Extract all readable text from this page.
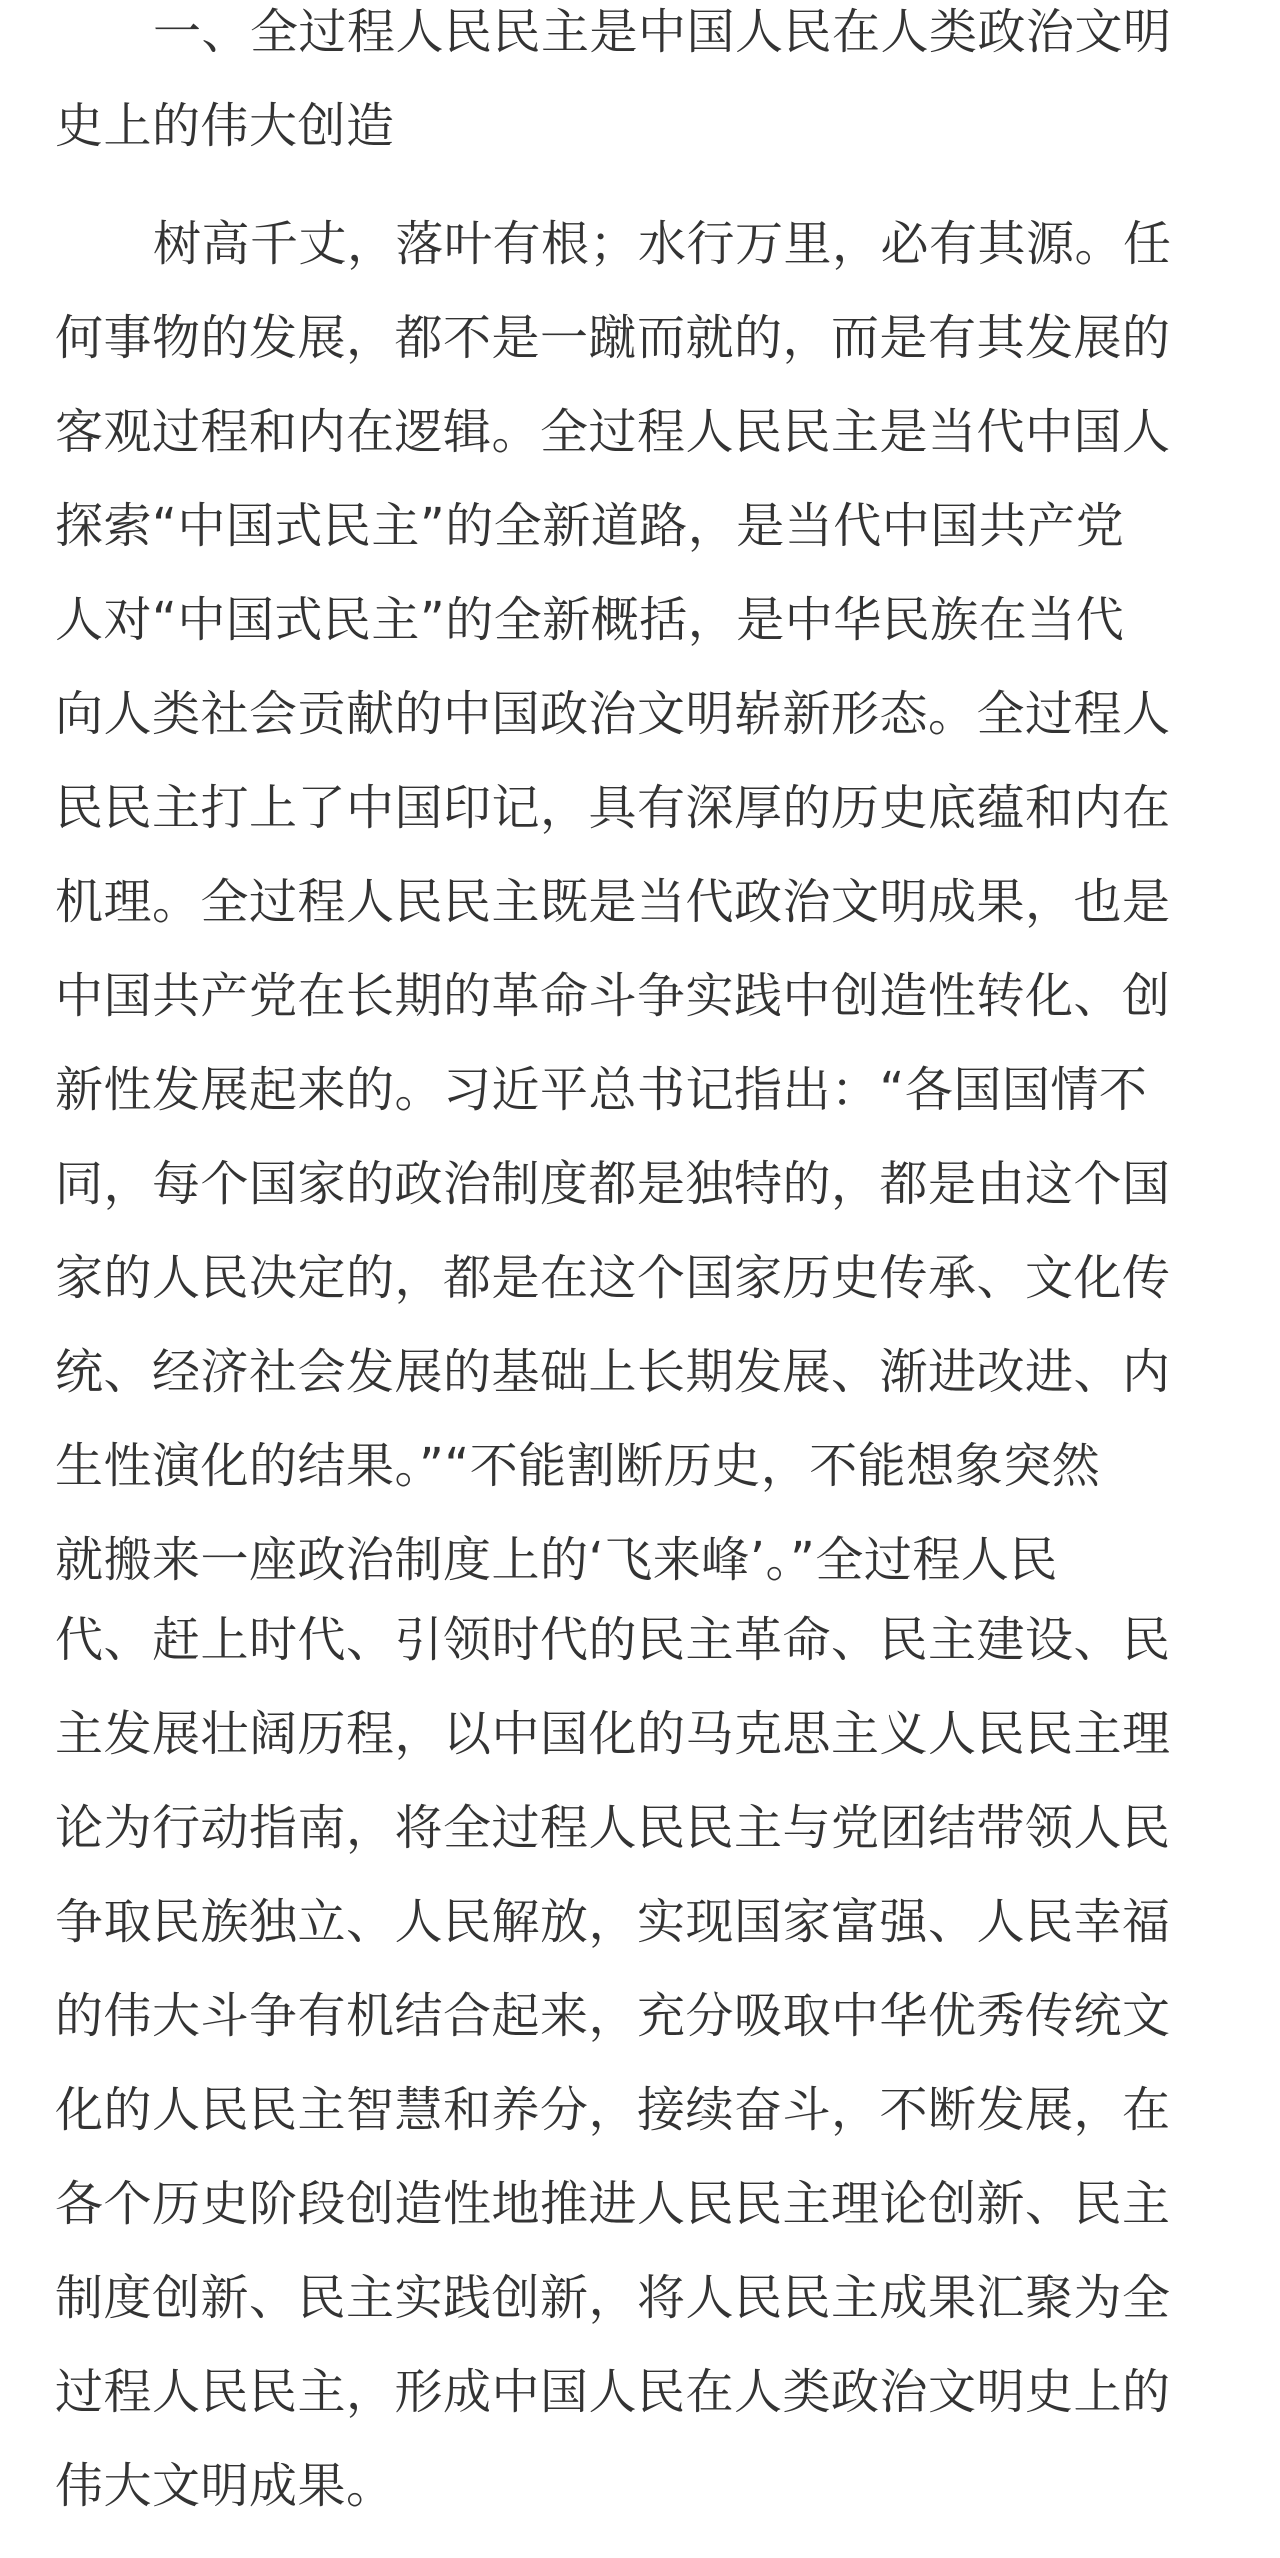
一、全过程人民民主是中国人民在人类政治文明
史上的伟大创造
树高千丈，落叶有根；水行万里，必有其源。任
何事物的发展，都不是一蹴而就的，而是有其发展的
客观过程和内在逻辑。全过程人民民主是当代中国人
探索“中国式民主”的全新道路，是当代中国共产党
人对“中国式民主”的全新概括，是中华民族在当代
向人类社会贡献的中国政治文明崭新形态。全过程人
民民主打上了中国印记，具有深厚的历史底蕴和内在
机理。全过程人民民主既是当代政治文明成果，也是
中国共产党在长期的革命斗争实践中创造性转化、创
新性发展起来的。习近平总书记指出：“各国国情不
同，每个国家的政治制度都是独特的，都是由这个国
家的人民决定的，都是在这个国家历史传承、文化传
统、经济社会发展的基础上长期发展、渐进改进、内
生性演化的结果。”“不能割断历史，不能想象突然
就搬来一座政治制度上的‘飞来峰’。”全过程人民
代、赶上时代、引领时代的民主革命、民主建设、民
主发展壮阔历程，以中国化的马克思主义人民民主理
论为行动指南，将全过程人民民主与党团结带领人民
争取民族独立、人民解放，实现国家富强、人民幸福
的伟大斗争有机结合起来，充分吸取中华优秀传统文
化的人民民主智慧和养分，接续奋斗，不断发展，在
各个历史阶段创造性地推进人民民主理论创新、民主
制度创新、民主实践创新，将人民民主成果汇聚为全
过程人民民主，形成中国人民在人类政治文明史上的
伟大文明成果。
